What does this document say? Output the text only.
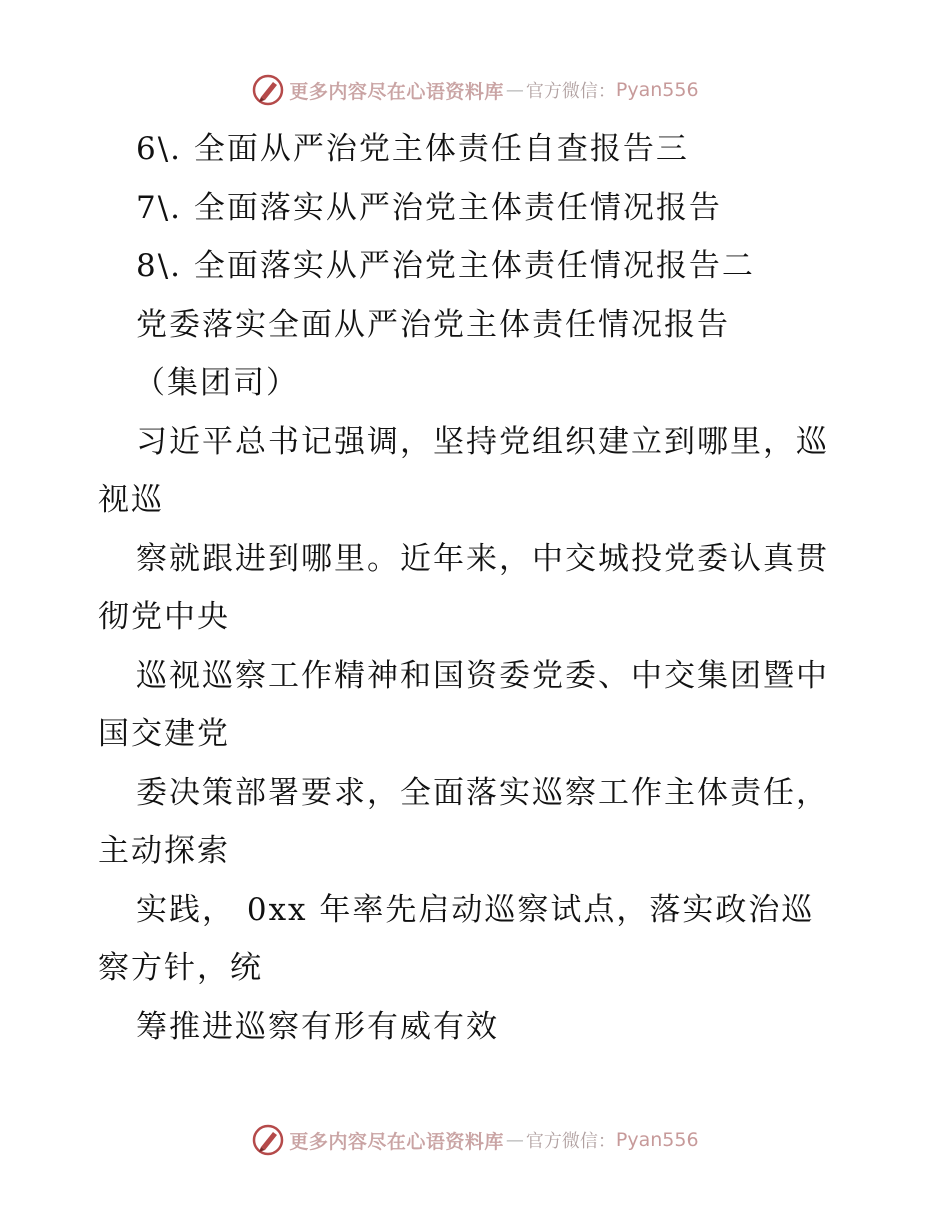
更多内容尽在心语资料库 — 官方微信： Pyan556
6\. 全面从严治党主体责任自查报告三
7\. 全面落实从严治党主体责任情况报告
8\. 全面落实从严治党主体责任情况报告二
党委落实全面从严治党主体责任情况报告
（集团司）
习近平总书记强调，坚持党组织建立到哪里，巡
视巡
察就跟进到哪里。近年来，中交城投党委认真贯
彻党中央
巡视巡察工作精神和国资委党委、中交集团暨中
国交建党
委决策部署要求，全面落实巡察工作主体责任，
主动探索
实践， 0xx 年率先启动巡察试点，落实政治巡
察方针，统
筹推进巡察有形有威有效
更多内容尽在心语资料库 — 官方微信： Pyan556
